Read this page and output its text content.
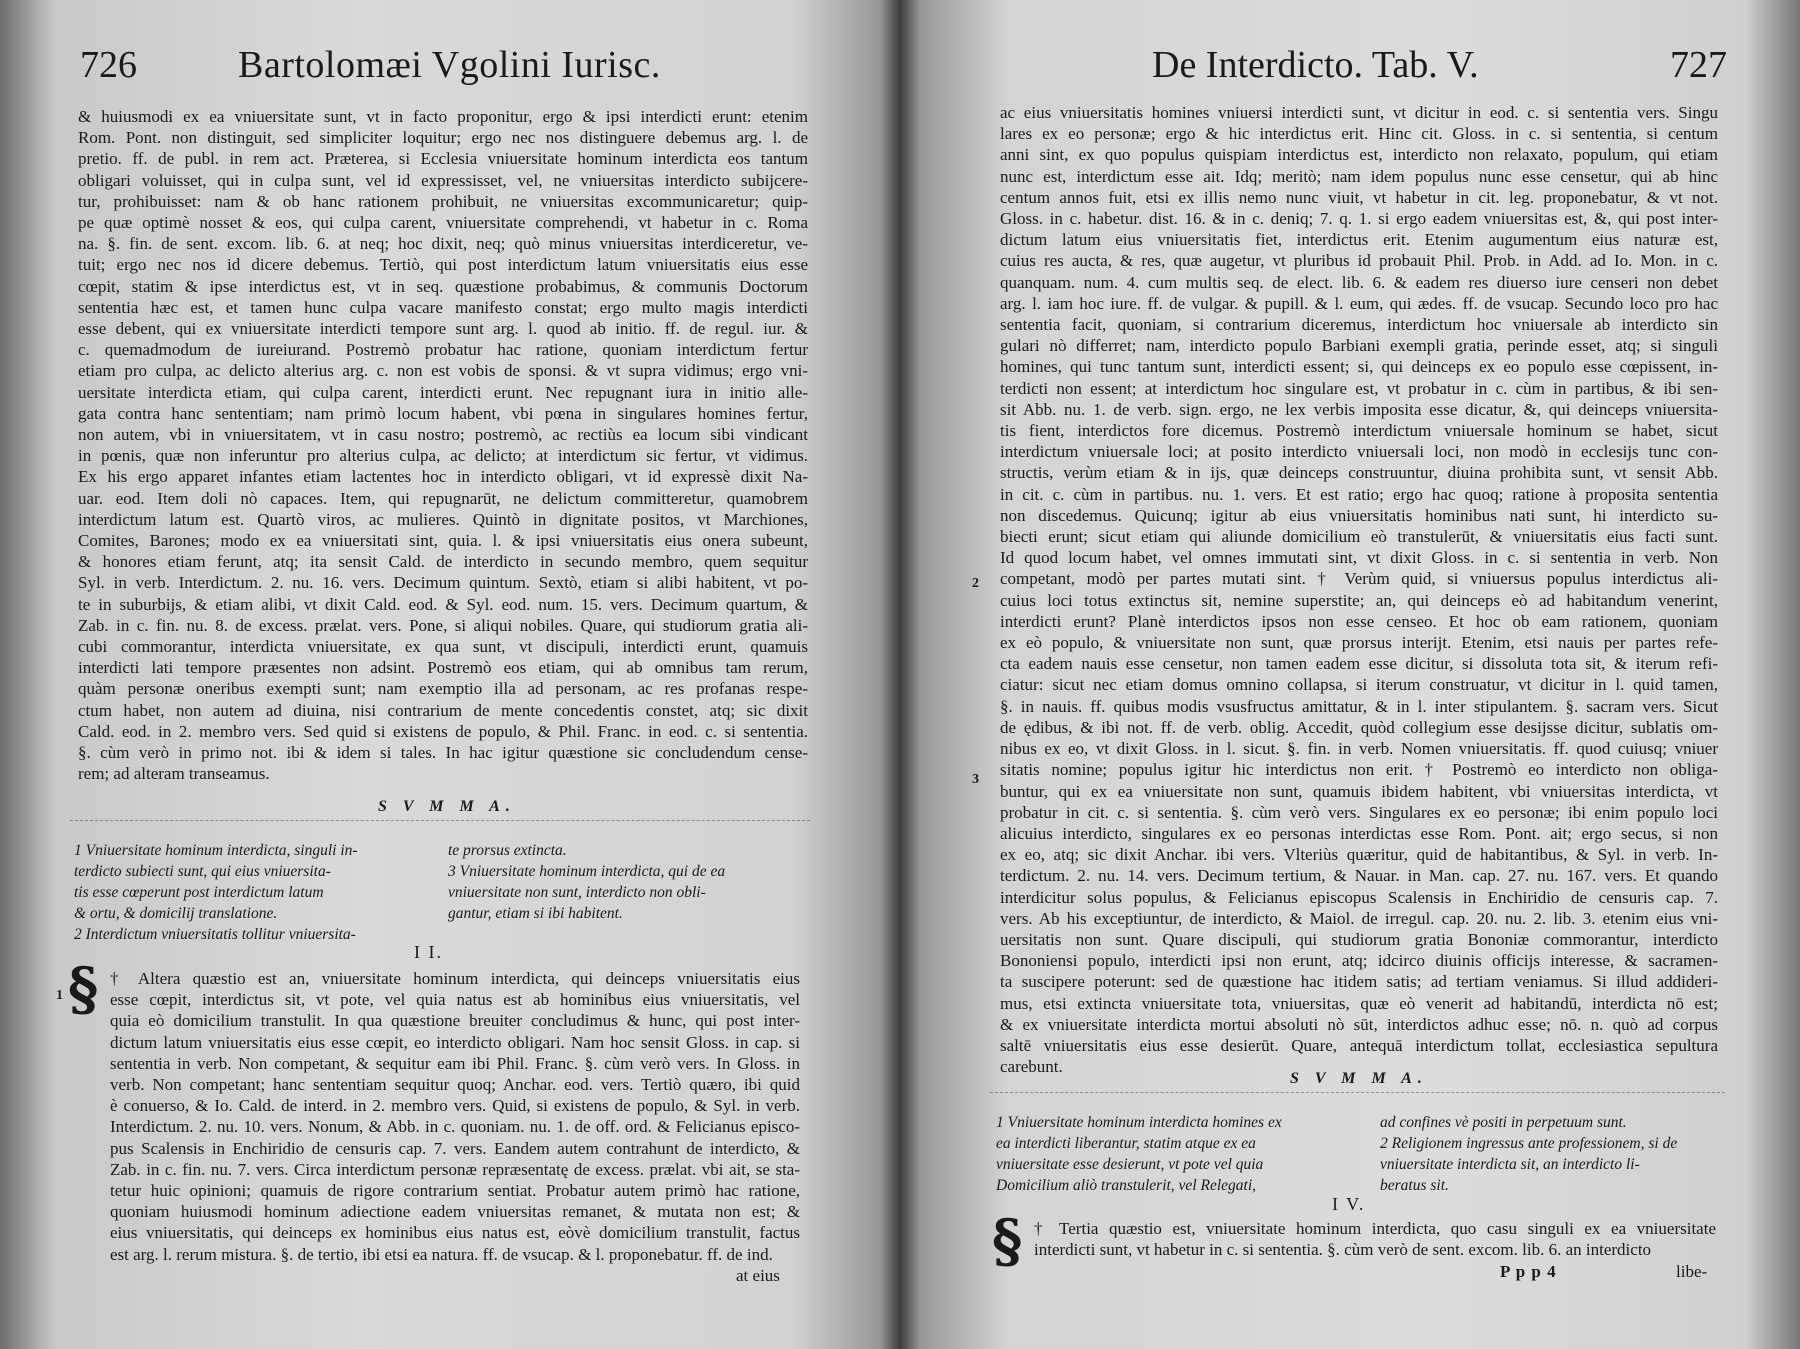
726	Bartolomæi Vgolini Iurisc.
& huiusmodi ex ea vniuersitate sunt, vt in facto proponitur, ergo & ipsi interdicti erunt: etenim
Rom. Pont. non distinguit, sed simpliciter loquitur; ergo nec nos distinguere debemus arg. l. de
pretio. ff. de publ. in rem act. Præterea, si Ecclesia vniuersitate hominum interdicta eos tantum
obligari voluisset, qui in culpa sunt, vel id expressisset, vel, ne vniuersitas interdicto subijcere-
tur, prohibuisset: nam & ob hanc rationem prohibuit, ne vniuersitas excommunicaretur; quip-
pe quæ optimè nosset & eos, qui culpa carent, vniuersitate comprehendi, vt habetur in c. Roma
na. §. fin. de sent. excom. lib. 6. at neq; hoc dixit, neq; quò minus vniuersitas interdiceretur, ve-
tuit; ergo nec nos id dicere debemus. Tertiò, qui post interdictum latum vniuersitatis eius esse
cœpit, statim & ipse interdictus est, vt in seq. quæstione probabimus, & communis Doctorum
sententia hæc est, et tamen hunc culpa vacare manifesto constat; ergo multo magis interdicti
esse debent, qui ex vniuersitate interdicti tempore sunt arg. l. quod ab initio. ff. de regul. iur. &
c. quemadmodum de iureiurand. Postremò probatur hac ratione, quoniam interdictum fertur
etiam pro culpa, ac delicto alterius arg. c. non est vobis de sponsi. & vt supra vidimus; ergo vni-
uersitate interdicta etiam, qui culpa carent, interdicti erunt. Nec repugnant iura in initio alle-
gata contra hanc sententiam; nam primò locum habent, vbi pœna in singulares homines fertur,
non autem, vbi in vniuersitatem, vt in casu nostro; postremò, ac rectiùs ea locum sibi vindicant
in pœnis, quæ non inferuntur pro alterius culpa, ac delicto; at interdictum sic fertur, vt vidimus.
Ex his ergo apparet infantes etiam lactentes hoc in interdicto obligari, vt id expressè dixit Na-
uar. eod. Item doli nò capaces. Item, qui repugnarūt, ne delictum committeretur, quamobrem
interdictum latum est. Quartò viros, ac mulieres. Quintò in dignitate positos, vt Marchiones,
Comites, Barones; modo ex ea vniuersitati sint, quia. l. & ipsi vniuersitatis eius onera subeunt,
& honores etiam ferunt, atq; ita sensit Cald. de interdicto in secundo membro, quem sequitur
Syl. in verb. Interdictum. 2. nu. 16. vers. Decimum quintum. Sextò, etiam si alibi habitent, vt po-
te in suburbijs, & etiam alibi, vt dixit Cald. eod. & Syl. eod. num. 15. vers. Decimum quartum, &
Zab. in c. fin. nu. 8. de excess. prælat. vers. Pone, si aliqui nobiles. Quare, qui studiorum gratia ali-
cubi commorantur, interdicta vniuersitate, ex qua sunt, vt discipuli, interdicti erunt, quamuis
interdicti lati tempore præsentes non adsint. Postremò eos etiam, qui ab omnibus tam rerum,
quàm personæ oneribus exempti sunt; nam exemptio illa ad personam, ac res profanas respe-
ctum habet, non autem ad diuina, nisi contrarium de mente concedentis constet, atq; sic dixit
Cald. eod. in 2. membro vers. Sed quid si existens de populo, & Phil. Franc. in eod. c. si sententia.
§. cùm verò in primo not. ibi & idem si tales. In hac igitur quæstione sic concludendum cense-
rem; ad alteram transeamus.
S V M M A.
1 Vniuersitate hominum interdicta, singuli in-
terdicto subiecti sunt, qui eius vniuersita-
tis esse cœperunt post interdictum latum
& ortu, & domicilij translatione.
2 Interdictum vniuersitatis tollitur vniuersita-
te prorsus extincta.
3 Vniuersitate hominum interdicta, qui de ea
vniuersitate non sunt, interdicto non obli-
gantur, etiam si ibi habitent.
I I.
§
1
† Altera quæstio est an, vniuersitate hominum interdicta, qui deinceps vniuersitatis eius
esse cœpit, interdictus sit, vt pote, vel quia natus est ab hominibus eius vniuersitatis, vel
quia eò domicilium transtulit. In qua quæstione breuiter concludimus & hunc, qui post inter-
dictum latum vniuersitatis eius esse cœpit, eo interdicto obligari. Nam hoc sensit Gloss. in cap. si
sententia in verb. Non competant, & sequitur eam ibi Phil. Franc. §. cùm verò vers. In Gloss. in
verb. Non competant; hanc sententiam sequitur quoq; Anchar. eod. vers. Tertiò quæro, ibi quid
è conuerso, & Io. Cald. de interd. in 2. membro vers. Quid, si existens de populo, & Syl. in verb.
Interdictum. 2. nu. 10. vers. Nonum, & Abb. in c. quoniam. nu. 1. de off. ord. & Felicianus episco-
pus Scalensis in Enchiridio de censuris cap. 7. vers. Eandem autem contrahunt de interdicto, &
Zab. in c. fin. nu. 7. vers. Circa interdictum personæ repræsentatę de excess. prælat. vbi ait, se sta-
tetur huic opinioni; quamuis de rigore contrarium sentiat. Probatur autem primò hac ratione,
quoniam huiusmodi hominum adiectione eadem vniuersitas remanet, & mutata non est; &
eius vniuersitatis, qui deinceps ex hominibus eius natus est, eòvè domicilium transtulit, factus
est arg. l. rerum mistura. §. de tertio, ibi etsi ea natura. ff. de vsucap. & l. proponebatur. ff. de ind.
at eius
De Interdicto. Tab. V.	727
ac eius vniuersitatis homines vniuersi interdicti sunt, vt dicitur in eod. c. si sententia vers. Singu
lares ex eo personæ; ergo & hic interdictus erit. Hinc cit. Gloss. in c. si sententia, si centum
anni sint, ex quo populus quispiam interdictus est, interdicto non relaxato, populum, qui etiam
nunc est, interdictum esse ait. Idq; meritò; nam idem populus nunc esse censetur, qui ab hinc
centum annos fuit, etsi ex illis nemo nunc viuit, vt habetur in cit. leg. proponebatur, & vt not.
Gloss. in c. habetur. dist. 16. & in c. deniq; 7. q. 1. si ergo eadem vniuersitas est, &, qui post inter-
dictum latum eius vniuersitatis fiet, interdictus erit. Etenim augumentum eius naturæ est,
cuius res aucta, & res, quæ augetur, vt pluribus id probauit Phil. Prob. in Add. ad Io. Mon. in c.
quanquam. num. 4. cum multis seq. de elect. lib. 6. & eadem res diuerso iure censeri non debet
arg. l. iam hoc iure. ff. de vulgar. & pupill. & l. eum, qui ædes. ff. de vsucap. Secundo loco pro hac
sententia facit, quoniam, si contrarium diceremus, interdictum hoc vniuersale ab interdicto sin
gulari nò differret; nam, interdicto populo Barbiani exempli gratia, perinde esset, atq; si singuli
homines, qui tunc tantum sunt, interdicti essent; si, qui deinceps ex eo populo esse cœpissent, in-
terdicti non essent; at interdictum hoc singulare est, vt probatur in c. cùm in partibus, & ibi sen-
sit Abb. nu. 1. de verb. sign. ergo, ne lex verbis imposita esse dicatur, &, qui deinceps vniuersita-
tis fient, interdictos fore dicemus. Postremò interdictum vniuersale hominum se habet, sicut
interdictum vniuersale loci; at posito interdicto vniuersali loci, non modò in ecclesijs tunc con-
structis, verùm etiam & in ijs, quæ deinceps construuntur, diuina prohibita sunt, vt sensit Abb.
in cit. c. cùm in partibus. nu. 1. vers. Et est ratio; ergo hac quoq; ratione à proposita sententia
non discedemus. Quicunq; igitur ab eius vniuersitatis hominibus nati sunt, hi interdicto su-
biecti erunt; sicut etiam qui aliunde domicilium eò transtulerūt, & vniuersitatis eius facti sunt.
Id quod locum habet, vel omnes immutati sint, vt dixit Gloss. in c. si sententia in verb. Non
competant, modò per partes mutati sint. † Verùm quid, si vniuersus populus interdictus ali-
cuius loci totus extinctus sit, nemine superstite; an, qui deinceps eò ad habitandum venerint,
interdicti erunt? Planè interdictos ipsos non esse censeo. Et hoc ob eam rationem, quoniam
ex eò populo, & vniuersitate non sunt, quæ prorsus interijt. Etenim, etsi nauis per partes refe-
cta eadem nauis esse censetur, non tamen eadem esse dicitur, si dissoluta tota sit, & iterum refi-
ciatur: sicut nec etiam domus omnino collapsa, si iterum construatur, vt dicitur in l. quid tamen,
§. in nauis. ff. quibus modis vsusfructus amittatur, & in l. inter stipulantem. §. sacram vers. Sicut
de ędibus, & ibi not. ff. de verb. oblig. Accedit, quòd collegium esse desijsse dicitur, sublatis om-
nibus ex eo, vt dixit Gloss. in l. sicut. §. fin. in verb. Nomen vniuersitatis. ff. quod cuiusq; vniuer
sitatis nomine; populus igitur hic interdictus non erit. † Postremò eo interdicto non obliga-
buntur, qui ex ea vniuersitate non sunt, quamuis ibidem habitent, vbi vniuersitas interdicta, vt
probatur in cit. c. si sententia. §. cùm verò vers. Singulares ex eo personæ; ibi enim populo loci
alicuius interdicto, singulares ex eo personas interdictas esse Rom. Pont. ait; ergo secus, si non
ex eo, atq; sic dixit Anchar. ibi vers. Vlteriùs quæritur, quid de habitantibus, & Syl. in verb. In-
terdictum. 2. nu. 14. vers. Decimum tertium, & Nauar. in Man. cap. 27. nu. 167. vers. Et quando
interdicitur solus populus, & Felicianus episcopus Scalensis in Enchiridio de censuris cap. 7.
vers. Ab his exceptiuntur, de interdicto, & Maiol. de irregul. cap. 20. nu. 2. lib. 3. etenim eius vni-
uersitatis non sunt. Quare discipuli, qui studiorum gratia Bononiæ commorantur, interdicto
Bononiensi populo, interdicti ipsi non erunt, atq; idcirco diuinis officijs interesse, & sacramen-
ta suscipere poterunt: sed de quæstione hac itidem satis; ad tertiam veniamus. Si illud addideri-
mus, etsi extincta vniuersitate tota, vniuersitas, quæ eò venerit ad habitandū, interdicta nō est;
& ex vniuersitate interdicta mortui absoluti nò sūt, interdictos adhuc esse; nō. n. quò ad corpus
saltē vniuersitatis eius esse desierūt. Quare, antequā interdictum tollat, ecclesiastica sepultura
carebunt.
2
3
S V M M A.
1 Vniuersitate hominum interdicta homines ex
ea interdicti liberantur, statim atque ex ea
vniuersitate esse desierunt, vt pote vel quia
Domicilium aliò transtulerit, vel Relegati,
ad confines vè positi in perpetuum sunt.
2 Religionem ingressus ante professionem, si de
vniuersitate interdicta sit, an interdicto li-
beratus sit.
I V.
§ † Tertia quæstio est, vniuersitate hominum interdicta, quo casu singuli ex ea vniuersitate
interdicti sunt, vt habetur in c. si sententia. §. cùm verò de sent. excom. lib. 6. an interdicto
P p p 4	libe-
